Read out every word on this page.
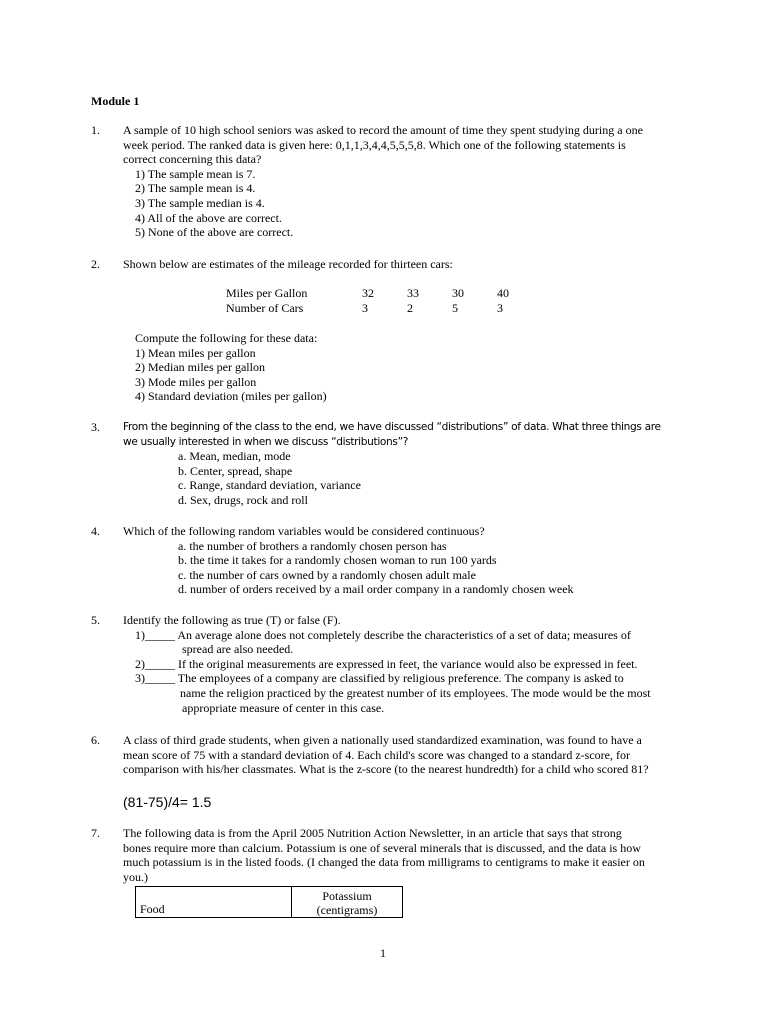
Module 1
1. A sample of 10 high school seniors was asked to record the amount of time they spent studying during a one
week period. The ranked data is given here: 0,1,1,3,4,4,5,5,5,8. Which one of the following statements is
correct concerning this data?
1) The sample mean is 7.
2) The sample mean is 4.
3) The sample median is 4.
4) All of the above are correct.
5) None of the above are correct.
2. Shown below are estimates of the mileage recorded for thirteen cars:
Miles per Gallon	32	33	30	40
Number of Cars	3	2	5	3
Compute the following for these data:
1) Mean miles per gallon
2) Median miles per gallon
3) Mode miles per gallon
4) Standard deviation (miles per gallon)
3. From the beginning of the class to the end, we have discussed “distributions” of data. What three things are
we usually interested in when we discuss “distributions”?
a. Mean, median, mode
b. Center, spread, shape
c. Range, standard deviation, variance
d. Sex, drugs, rock and roll
4. Which of the following random variables would be considered continuous?
a. the number of brothers a randomly chosen person has
b. the time it takes for a randomly chosen woman to run 100 yards
c. the number of cars owned by a randomly chosen adult male
d. number of orders received by a mail order company in a randomly chosen week
5. Identify the following as true (T) or false (F).
1)_____ An average alone does not completely describe the characteristics of a set of data; measures of
spread are also needed.
2)_____ If the original measurements are expressed in feet, the variance would also be expressed in feet.
3)_____ The employees of a company are classified by religious preference. The company is asked to
name the religion practiced by the greatest number of its employees. The mode would be the most
appropriate measure of center in this case.
6. A class of third grade students, when given a nationally used standardized examination, was found to have a
mean score of 75 with a standard deviation of 4. Each child's score was changed to a standard z-score, for
comparison with his/her classmates. What is the z-score (to the nearest hundredth) for a child who scored 81?
(81-75)/4= 1.5
7. The following data is from the April 2005 Nutrition Action Newsletter, in an article that says that strong
bones require more than calcium. Potassium is one of several minerals that is discussed, and the data is how
much potassium is in the listed foods. (I changed the data from milligrams to centigrams to make it easier on
you.)
Food	Potassium
(centigrams)
1
